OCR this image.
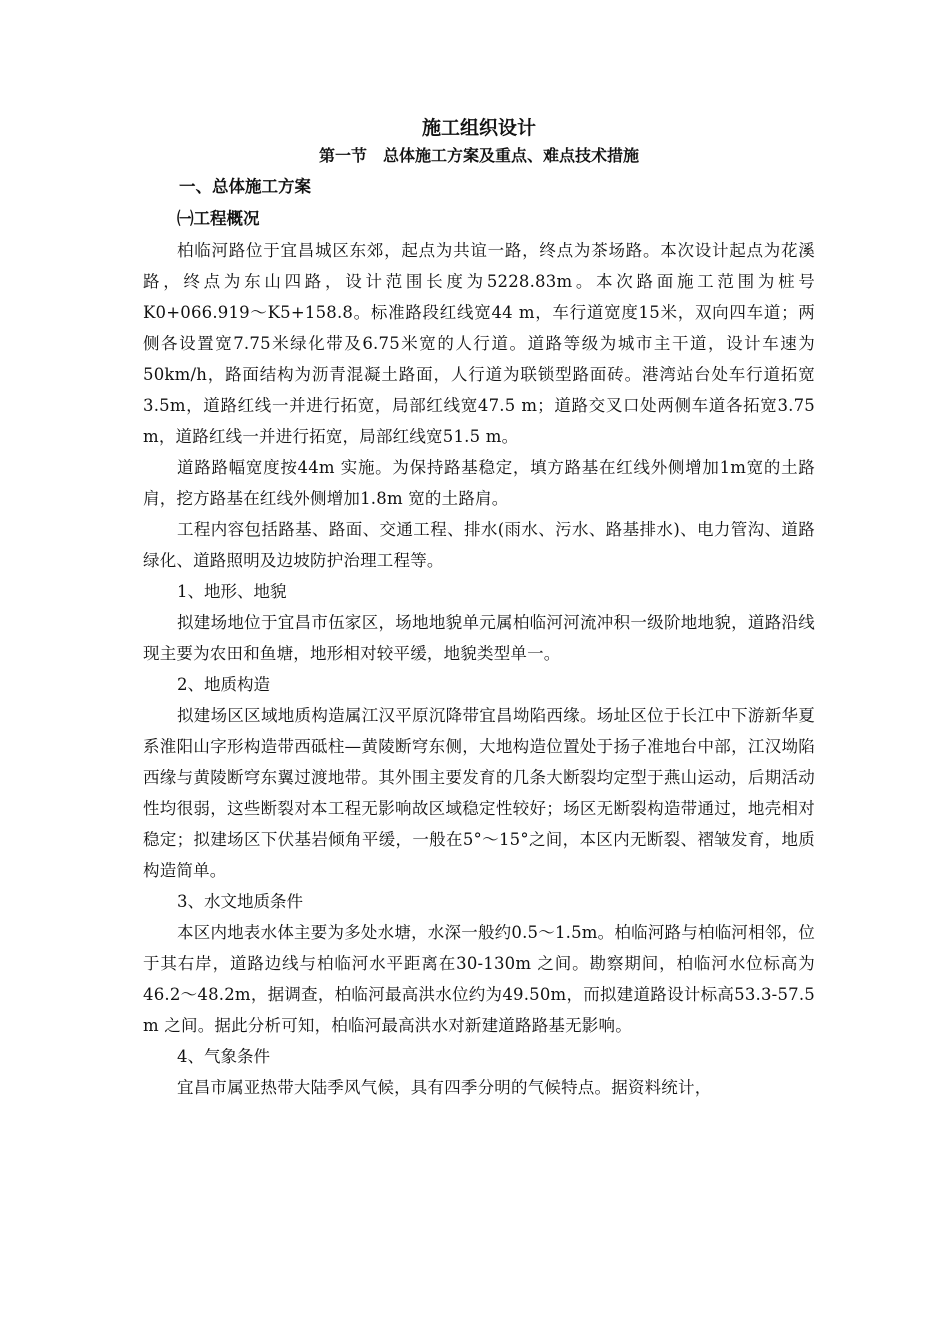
施工组织设计

第一节　总体施工方案及重点、难点技术措施

一、总体施工方案

㈠工程概况

柏临河路位于宜昌城区东郊，起点为共谊一路，终点为茶场路。本次设计起点为花溪路，终点为东山四路，设计范围长度为5228.83m。本次路面施工范围为桩号K0+066.919～K5+158.8。标准路段红线宽44 m，车行道宽度15米，双向四车道；两侧各设置宽7.75米绿化带及6.75米宽的人行道。道路等级为城市主干道，设计车速为50km/h，路面结构为沥青混凝土路面，人行道为联锁型路面砖。港湾站台处车行道拓宽3.5m，道路红线一并进行拓宽，局部红线宽47.5 m；道路交叉口处两侧车道各拓宽3.75 m，道路红线一并进行拓宽，局部红线宽51.5 m。

道路路幅宽度按44m 实施。为保持路基稳定，填方路基在红线外侧增加1m宽的土路肩，挖方路基在红线外侧增加1.8m 宽的土路肩。

工程内容包括路基、路面、交通工程、排水(雨水、污水、路基排水)、电力管沟、道路绿化、道路照明及边坡防护治理工程等。

1、地形、地貌

拟建场地位于宜昌市伍家区，场地地貌单元属柏临河河流冲积一级阶地地貌，道路沿线现主要为农田和鱼塘，地形相对较平缓，地貌类型单一。

2、地质构造

拟建场区区域地质构造属江汉平原沉降带宜昌坳陷西缘。场址区位于长江中下游新华夏系淮阳山字形构造带西砥柱—黄陵断穹东侧，大地构造位置处于扬子准地台中部，江汉坳陷西缘与黄陵断穹东翼过渡地带。其外围主要发育的几条大断裂均定型于燕山运动，后期活动性均很弱，这些断裂对本工程无影响故区域稳定性较好；场区无断裂构造带通过，地壳相对稳定；拟建场区下伏基岩倾角平缓，一般在5°～15°之间，本区内无断裂、褶皱发育，地质构造简单。

3、水文地质条件

本区内地表水体主要为多处水塘，水深一般约0.5～1.5m。柏临河路与柏临河相邻，位于其右岸，道路边线与柏临河水平距离在30-130m 之间。勘察期间，柏临河水位标高为46.2～48.2m，据调查，柏临河最高洪水位约为49.50m，而拟建道路设计标高53.3-57.5 m 之间。据此分析可知，柏临河最高洪水对新建道路路基无影响。

4、气象条件

宜昌市属亚热带大陆季风气候，具有四季分明的气候特点。据资料统计，
